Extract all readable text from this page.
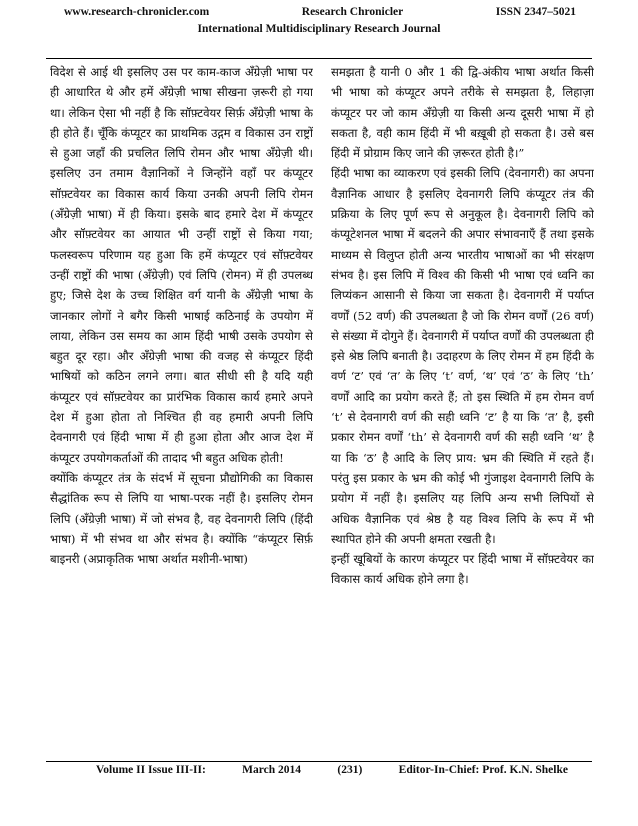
www.research-chronicler.com	Research Chronicler	ISSN 2347–5021
International Multidisciplinary Research Journal

विदेश से आई थी इसलिए उस पर काम-काज अँग्रेज़ी भाषा पर ही आधारित थे और हमें अँग्रेज़ी भाषा सीखना ज़रूरी हो गया था। लेकिन ऐसा भी नहीं है कि सॉफ़्टवेयर सिर्फ़ अँग्रेज़ी भाषा के ही होते हैं। चूँकि कंप्यूटर का प्राथमिक उद्गम व विकास उन राष्ट्रों से हुआ जहाँ की प्रचलित लिपि रोमन और भाषा अँग्रेज़ी थी। इसलिए उन तमाम वैज्ञानिकों ने जिन्होंने वहाँ पर कंप्यूटर सॉफ़्टवेयर का विकास कार्य किया उनकी अपनी लिपि रोमन (अँग्रेज़ी भाषा) में ही किया। इसके बाद हमारे देश में कंप्यूटर और सॉफ़्टवेयर का आयात भी उन्हीं राष्ट्रों से किया गया; फलस्वरूप परिणाम यह हुआ कि हमें कंप्यूटर एवं सॉफ़्टवेयर उन्हीं राष्ट्रों की भाषा (अँग्रेज़ी) एवं लिपि (रोमन) में ही उपलब्ध हुए; जिसे देश के उच्च शिक्षित वर्ग यानी के अँग्रेज़ी भाषा के जानकार लोगों ने बगैर किसी भाषाई कठिनाई के उपयोग में लाया, लेकिन उस समय का आम हिंदी भाषी उसके उपयोग से बहुत दूर रहा। और अँग्रेज़ी भाषा की वजह से कंप्यूटर हिंदी भाषियों को कठिन लगने लगा। बात सीधी सी है यदि यही कंप्यूटर एवं सॉफ़्टवेयर का प्रारंभिक विकास कार्य हमारे अपने देश में हुआ होता तो निश्चित ही वह हमारी अपनी लिपि देवनागरी एवं हिंदी भाषा में ही हुआ होता और आज देश में कंप्यूटर उपयोगकर्ताओं की तादाद भी बहुत अधिक होती!

क्योंकि कंप्यूटर तंत्र के संदर्भ में सूचना प्रौद्योगिकी का विकास सैद्धांतिक रूप से लिपि या भाषा-परक नहीं है। इसलिए रोमन लिपि (अँग्रेज़ी भाषा) में जो संभव है, वह देवनागरी लिपि (हिंदी भाषा) में भी संभव था और संभव है। क्योंकि “कंप्यूटर सिर्फ़ बाइनरी (अप्राकृतिक भाषा अर्थात मशीनी-भाषा)

समझता है यानी 0 और 1 की द्वि-अंकीय भाषा अर्थात किसी भी भाषा को कंप्यूटर अपने तरीके से समझता है, लिहाज़ा कंप्यूटर पर जो काम अँग्रेज़ी या किसी अन्य दूसरी भाषा में हो सकता है, वही काम हिंदी में भी बख़ूबी हो सकता है। उसे बस हिंदी में प्रोग्राम किए जाने की ज़रूरत होती है।”

हिंदी भाषा का व्याकरण एवं इसकी लिपि (देवनागरी) का अपना वैज्ञानिक आधार है इसलिए देवनागरी लिपि कंप्यूटर तंत्र की प्रक्रिया के लिए पूर्ण रूप से अनुकूल है। देवनागरी लिपि को कंप्यूटेशनल भाषा में बदलने की अपार संभावनाएँ हैं तथा इसके माध्यम से विलुप्त होती अन्य भारतीय भाषाओं का भी संरक्षण संभव है। इस लिपि में विश्व की किसी भी भाषा एवं ध्वनि का लिप्यंकन आसानी से किया जा सकता है। देवनागरी में पर्याप्त वर्णों (52 वर्ण) की उपलब्धता है जो कि रोमन वर्णों (26 वर्ण) से संख्या में दोगुने हैं। देवनागरी में पर्याप्त वर्णों की उपलब्धता ही इसे श्रेष्ठ लिपि बनाती है। उदाहरण के लिए रोमन में हम हिंदी के वर्ण ‘ट’ एवं ‘त’ के लिए ‘t’ वर्ण, ‘थ’ एवं ‘ठ’ के लिए ‘th’ वर्णों आदि का प्रयोग करते हैं; तो इस स्थिति में हम रोमन वर्ण ‘t’ से देवनागरी वर्ण की सही ध्वनि ‘ट’ है या कि ‘त’ है, इसी प्रकार रोमन वर्णों ‘th’ से देवनागरी वर्ण की सही ध्वनि ‘थ’ है या कि ‘ठ’ है आदि के लिए प्राय: भ्रम की स्थिति में रहते हैं। परंतु इस प्रकार के भ्रम की कोई भी गुंजाइश देवनागरी लिपि के प्रयोग में नहीं है। इसलिए यह लिपि अन्य सभी लिपियों से अधिक वैज्ञानिक एवं श्रेष्ठ है यह विश्व लिपि के रूप में भी स्थापित होने की अपनी क्षमता रखती है।

इन्हीं खूबियों के कारण कंप्यूटर पर हिंदी भाषा में सॉफ़्टवेयर का विकास कार्य अधिक होने लगा है।

Volume II Issue III-II:	March 2014	(231)	Editor-In-Chief: Prof. K.N. Shelke
